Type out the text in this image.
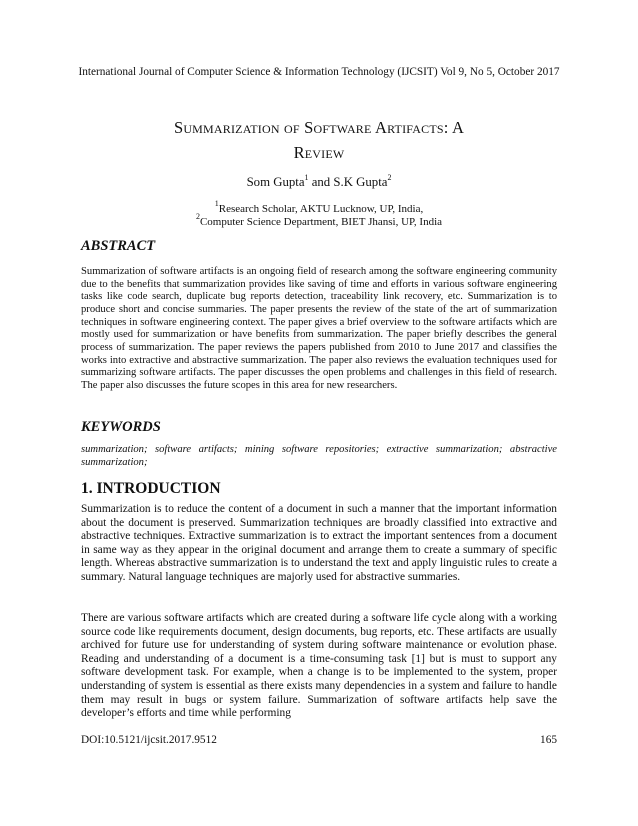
International Journal of Computer Science & Information Technology (IJCSIT) Vol 9, No 5, October 2017
Summarization of Software Artifacts: A
Review
Som Gupta$^1$ and S.K Gupta$^2$
$^1$Research Scholar, AKTU Lucknow, UP, India,
$^2$Computer Science Department, BIET Jhansi, UP, India
ABSTRACT
Summarization of software artifacts is an ongoing field of research among the software engineering community due to the benefits that summarization provides like saving of time and efforts in various software engineering tasks like code search, duplicate bug reports detection, traceability link recovery, etc. Summarization is to produce short and concise summaries. The paper presents the review of the state of the art of summarization techniques in software engineering context. The paper gives a brief overview to the software artifacts which are mostly used for summarization or have benefits from summarization. The paper briefly describes the general process of summarization. The paper reviews the papers published from 2010 to June 2017 and classifies the works into extractive and abstractive summarization. The paper also reviews the evaluation techniques used for summarizing software artifacts. The paper discusses the open problems and challenges in this field of research. The paper also discusses the future scopes in this area for new researchers.
KEYWORDS
summarization; software artifacts; mining software repositories; extractive summarization; abstractive summarization;
1. INTRODUCTION
Summarization is to reduce the content of a document in such a manner that the important information about the document is preserved. Summarization techniques are broadly classified into extractive and abstractive techniques. Extractive summarization is to extract the important sentences from a document in same way as they appear in the original document and arrange them to create a summary of specific length. Whereas abstractive summarization is to understand the text and apply linguistic rules to create a summary. Natural language techniques are majorly used for abstractive summaries.
There are various software artifacts which are created during a software life cycle along with a working source code like requirements document, design documents, bug reports, etc. These artifacts are usually archived for future use for understanding of system during software maintenance or evolution phase. Reading and understanding of a document is a time-consuming task [1] but is must to support any software development task. For example, when a change is to be implemented to the system, proper understanding of system is essential as there exists many dependencies in a system and failure to handle them may result in bugs or system failure. Summarization of software artifacts help save the developer’s efforts and time while performing
DOI:10.5121/ijcsit.2017.9512	165
